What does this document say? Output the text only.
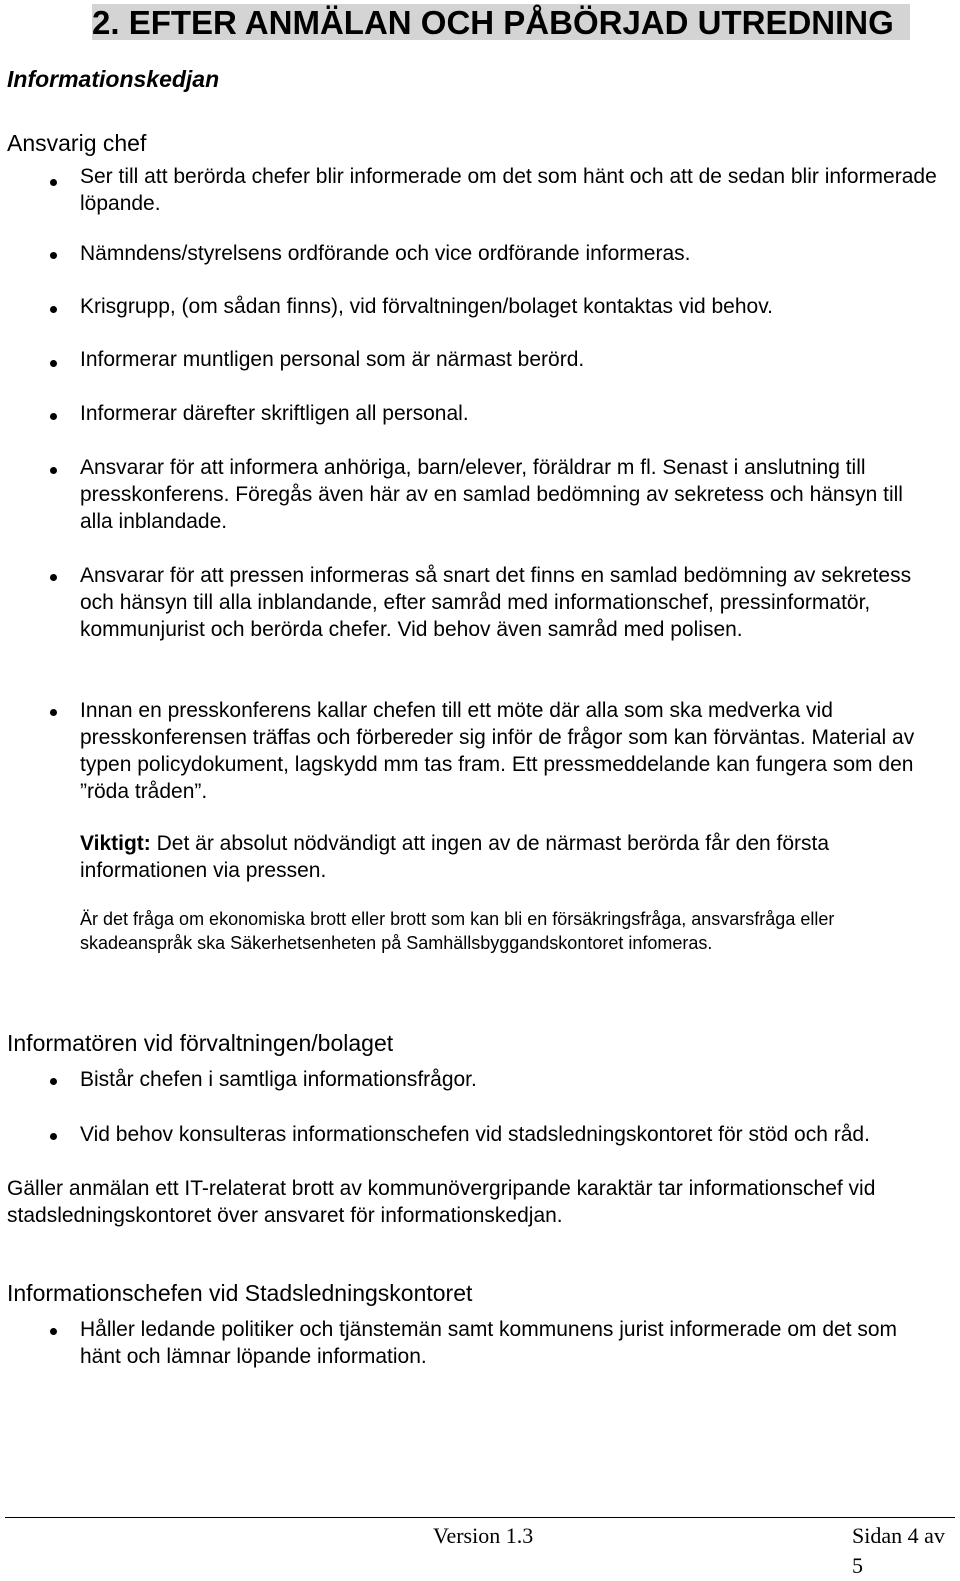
2. EFTER ANMÄLAN OCH PÅBÖRJAD UTREDNING
Informationskedjan
Ansvarig chef
Ser till att berörda chefer blir informerade om det som hänt och att de sedan blir informerade löpande.
Nämndens/styrelsens ordförande och vice ordförande informeras.
Krisgrupp, (om sådan finns), vid förvaltningen/bolaget kontaktas vid behov.
Informerar muntligen personal som är närmast berörd.
Informerar därefter skriftligen all personal.
Ansvarar för att informera anhöriga, barn/elever, föräldrar m fl. Senast i anslutning till presskonferens. Föregås även här av en samlad bedömning av sekretess och hänsyn till alla inblandade.
Ansvarar för att pressen informeras så snart det finns en samlad bedömning av sekretess och hänsyn till alla inblandande, efter samråd med informationschef, pressinformatör, kommunjurist och berörda chefer. Vid behov även samråd med polisen.
Innan en presskonferens kallar chefen till ett möte där alla som ska medverka vid presskonferensen träffas och förbereder sig inför de frågor som kan förväntas. Material av typen policydokument, lagskydd mm tas fram. Ett pressmeddelande kan fungera som den ”röda tråden”.
Viktigt: Det är absolut nödvändigt att ingen av de närmast berörda får den första informationen via pressen.
Är det fråga om ekonomiska brott eller brott som kan bli en försäkringsfråga, ansvarsfråga eller skadeanspråk ska Säkerhetsenheten på Samhällsbyggandskontoret infomeras.
Informatören vid förvaltningen/bolaget
Bistår chefen i samtliga informationsfrågor.
Vid behov konsulteras informationschefen vid stadsledningskontoret för stöd och råd.
Gäller anmälan ett IT-relaterat brott av kommunövergripande karaktär tar informationschef vid stadsledningskontoret över ansvaret för informationskedjan.
Informationschefen vid Stadsledningskontoret
Håller ledande politiker och tjänstemän samt kommunens jurist informerade om det som hänt och lämnar löpande information.
Version 1.3	Sidan 4 av 5
